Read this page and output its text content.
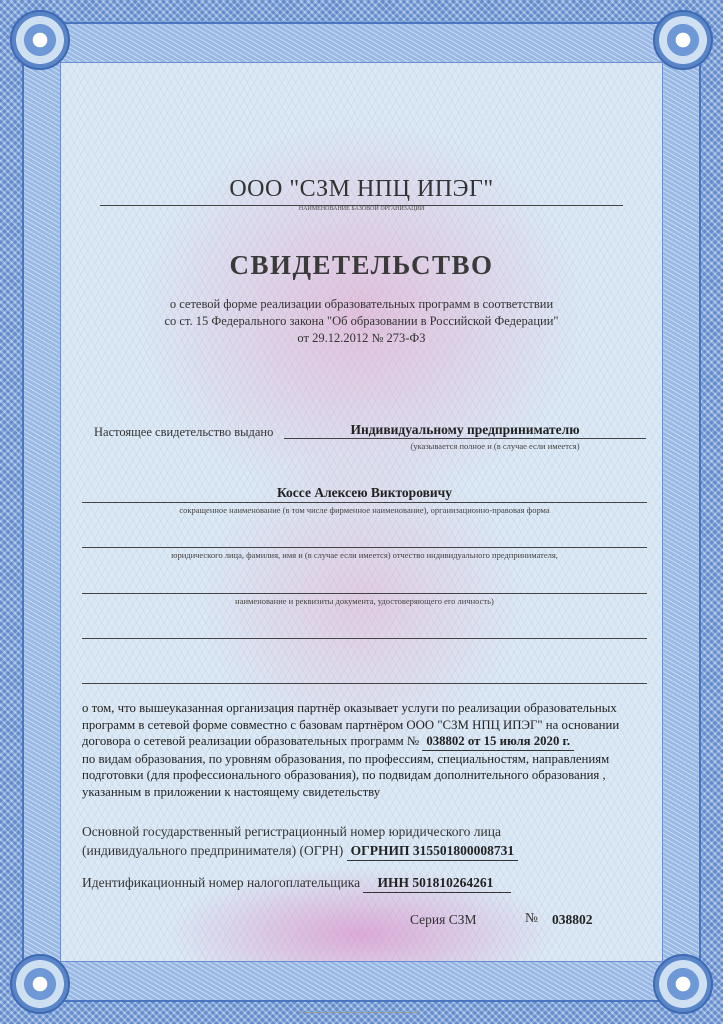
ООО "СЗМ НПЦ ИПЭГ"
НАИМЕНОВАНИЕ БАЗОВОЙ ОРГАНИЗАЦИИ
СВИДЕТЕЛЬСТВО
о сетевой форме реализации образовательных программ в соответствии
со ст. 15 Федерального закона "Об образовании в Российской Федерации"
от 29.12.2012 № 273-ФЗ
Настоящее свидетельство выдано	Индивидуальному предпринимателю
(указывается полное и (в случае если имеется)
Коссе Алексею Викторовичу
сокращенное наименование (в том числе фирменное наименование), организационно-правовая форма
юридического лица, фамилия, имя и (в случае если имеется) отчество индивидуального предпринимателя,
наименование и реквизиты документа, удостоверяющего его личность)
о том, что вышеуказанная организация партнёр оказывает услуги по реализации образовательных
программ в сетевой форме совместно с базовам партнёром ООО "СЗМ НПЦ ИПЭГ" на основании
договора о сетевой реализации образовательных программ № 038802 от 15 июля 2020 г.
по видам образования, по уровням образования, по профессиям, специальностям, направлениям
подготовки (для профессионального образования), по подвидам дополнительного образования ,
указанным в приложении к настоящему свидетельству
Основной государственный регистрационный номер юридического лица
(индивидуального предпринимателя) (ОГРН) ОГРНИП 315501800008731
Идентификационный номер налогоплательщика ИНН 501810264261
Серия СЗМ	№ 038802
